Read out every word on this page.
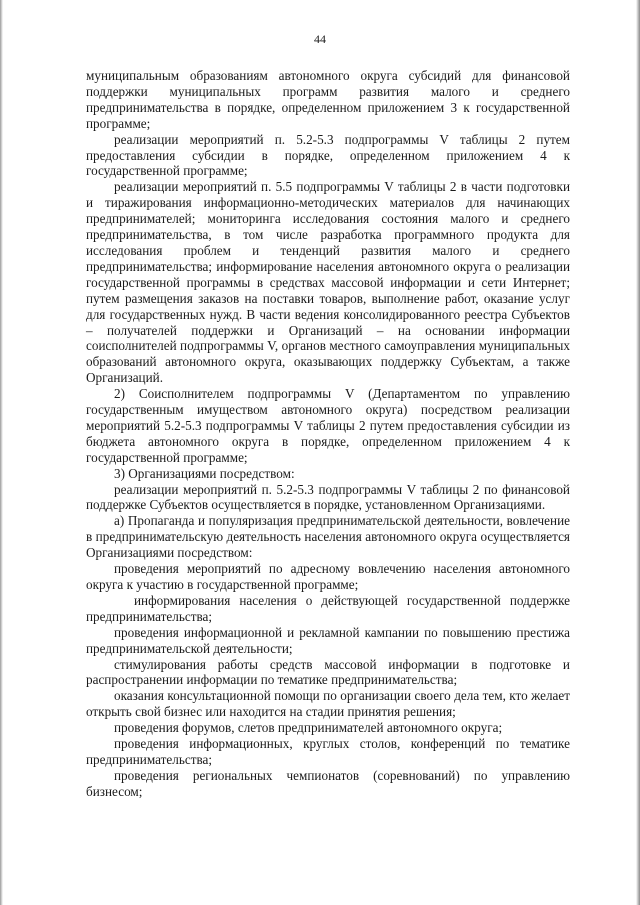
44

муниципальным образованиям автономного округа субсидий для финансовой поддержки муниципальных программ развития малого и среднего предпринимательства в порядке, определенном приложением 3 к государственной программе;

реализации мероприятий п. 5.2-5.3 подпрограммы V таблицы 2 путем предоставления субсидии в порядке, определенном приложением 4 к государственной программе;

реализации мероприятий п. 5.5 подпрограммы V таблицы 2 в части подготовки и тиражирования информационно-методических материалов для начинающих предпринимателей; мониторинга исследования состояния малого и среднего предпринимательства, в том числе разработка программного продукта для исследования проблем и тенденций развития малого и среднего предпринимательства; информирование населения автономного округа о реализации государственной программы в средствах массовой информации и сети Интернет; путем размещения заказов на поставки товаров, выполнение работ, оказание услуг для государственных нужд. В части ведения консолидированного реестра Субъектов – получателей поддержки и Организаций – на основании информации соисполнителей подпрограммы V, органов местного самоуправления муниципальных образований автономного округа, оказывающих поддержку Субъектам, а также Организаций.

2) Соисполнителем подпрограммы V (Департаментом по управлению государственным имуществом автономного округа) посредством реализации мероприятий 5.2-5.3 подпрограммы V таблицы 2 путем предоставления субсидии из бюджета автономного округа в порядке, определенном приложением 4 к государственной программе;

3) Организациями посредством:

реализации мероприятий п. 5.2-5.3 подпрограммы V таблицы 2 по финансовой поддержке Субъектов осуществляется в порядке, установленном Организациями.

а) Пропаганда и популяризация предпринимательской деятельности, вовлечение в предпринимательскую деятельность населения автономного округа осуществляется Организациями посредством:

проведения мероприятий по адресному вовлечению населения автономного округа к участию в государственной программе;

информирования населения о действующей государственной поддержке предпринимательства;

проведения информационной и рекламной кампании по повышению престижа предпринимательской деятельности;

стимулирования работы средств массовой информации в подготовке и распространении информации по тематике предпринимательства;

оказания консультационной помощи по организации своего дела тем, кто желает открыть свой бизнес или находится на стадии принятия решения;

проведения форумов, слетов предпринимателей автономного округа;

проведения информационных, круглых столов, конференций по тематике предпринимательства;

проведения региональных чемпионатов (соревнований) по управлению бизнесом;
